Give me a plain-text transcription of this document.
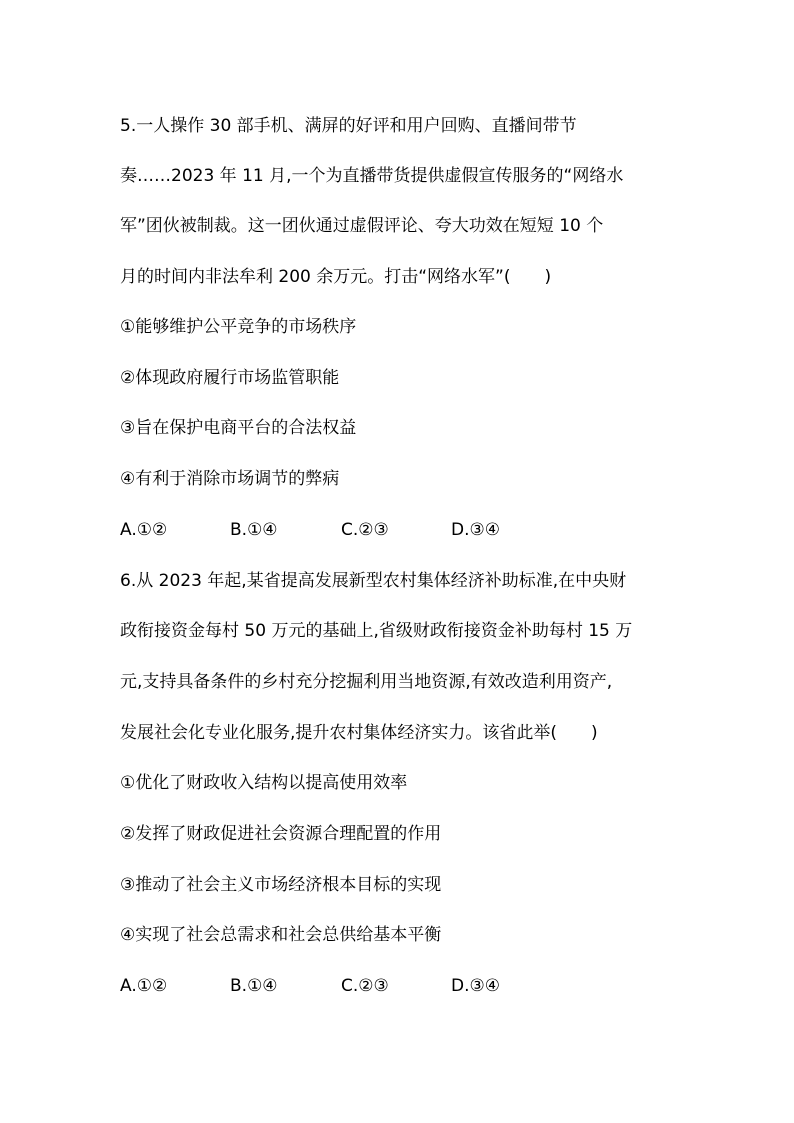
5.一人操作 30 部手机、满屏的好评和用户回购、直播间带节
奏……2023 年 11 月,一个为直播带货提供虚假宣传服务的“网络水
军”团伙被制裁。这一团伙通过虚假评论、夸大功效在短短 10 个
月的时间内非法牟利 200 余万元。打击“网络水军”(　　)
①能够维护公平竞争的市场秩序
②体现政府履行市场监管职能
③旨在保护电商平台的合法权益
④有利于消除市场调节的弊病
A.①②	B.①④	C.②③	D.③④
6.从 2023 年起,某省提高发展新型农村集体经济补助标准,在中央财
政衔接资金每村 50 万元的基础上,省级财政衔接资金补助每村 15 万
元,支持具备条件的乡村充分挖掘利用当地资源,有效改造利用资产,
发展社会化专业化服务,提升农村集体经济实力。该省此举(　　)
①优化了财政收入结构以提高使用效率
②发挥了财政促进社会资源合理配置的作用
③推动了社会主义市场经济根本目标的实现
④实现了社会总需求和社会总供给基本平衡
A.①②	B.①④	C.②③	D.③④
